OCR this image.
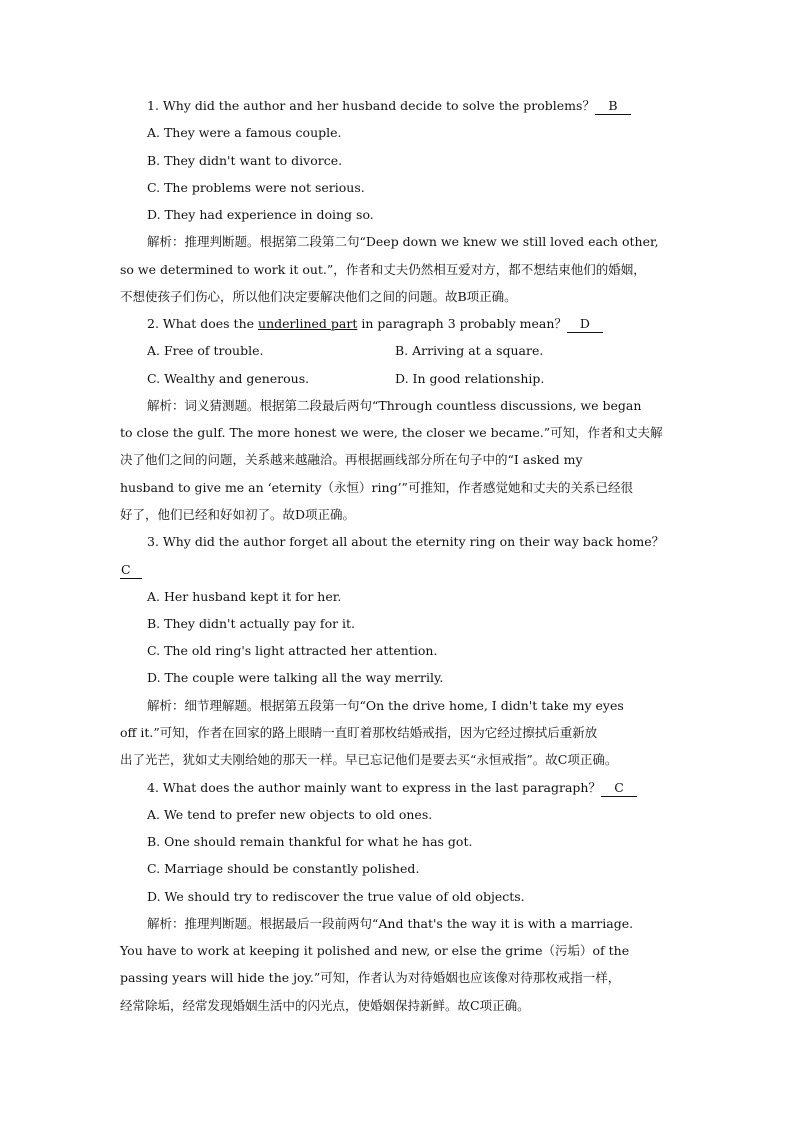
1. Why did the author and her husband decide to solve the problems？ B
A. They were a famous couple.
B. They didn't want to divorce.
C. The problems were not serious.
D. They had experience in doing so.
解析：推理判断题。根据第二段第二句“Deep down we knew we still loved each other,
so we determined to work it out.”，作者和丈夫仍然相互爱对方，都不想结束他们的婚姻，
不想使孩子们伤心，所以他们决定要解决他们之间的问题。故B项正确。
2. What does the underlined part in paragraph 3 probably mean？ D
A. Free of trouble.	B. Arriving at a square.
C. Wealthy and generous.	D. In good relationship.
解析：词义猜测题。根据第二段最后两句“Through countless discussions, we began
to close the gulf. The more honest we were, the closer we became.”可知，作者和丈夫解
决了他们之间的问题，关系越来越融洽。再根据画线部分所在句子中的“I asked my
husband to give me an ‘eternity（永恒）ring’”可推知，作者感觉她和丈夫的关系已经很
好了，他们已经和好如初了。故D项正确。
3. Why did the author forget all about the eternity ring on their way back home？
C
A. Her husband kept it for her.
B. They didn't actually pay for it.
C. The old ring's light attracted her attention.
D. The couple were talking all the way merrily.
解析：细节理解题。根据第五段第一句“On the drive home, I didn't take my eyes
off it.”可知，作者在回家的路上眼睛一直盯着那枚结婚戒指，因为它经过擦拭后重新放
出了光芒，犹如丈夫刚给她的那天一样。早已忘记他们是要去买“永恒戒指”。故C项正确。
4. What does the author mainly want to express in the last paragraph？ C
A. We tend to prefer new objects to old ones.
B. One should remain thankful for what he has got.
C. Marriage should be constantly polished.
D. We should try to rediscover the true value of old objects.
解析：推理判断题。根据最后一段前两句“And that's the way it is with a marriage.
You have to work at keeping it polished and new, or else the grime（污垢）of the
passing years will hide the joy.”可知，作者认为对待婚姻也应该像对待那枚戒指一样，
经常除垢，经常发现婚姻生活中的闪光点，使婚姻保持新鲜。故C项正确。
